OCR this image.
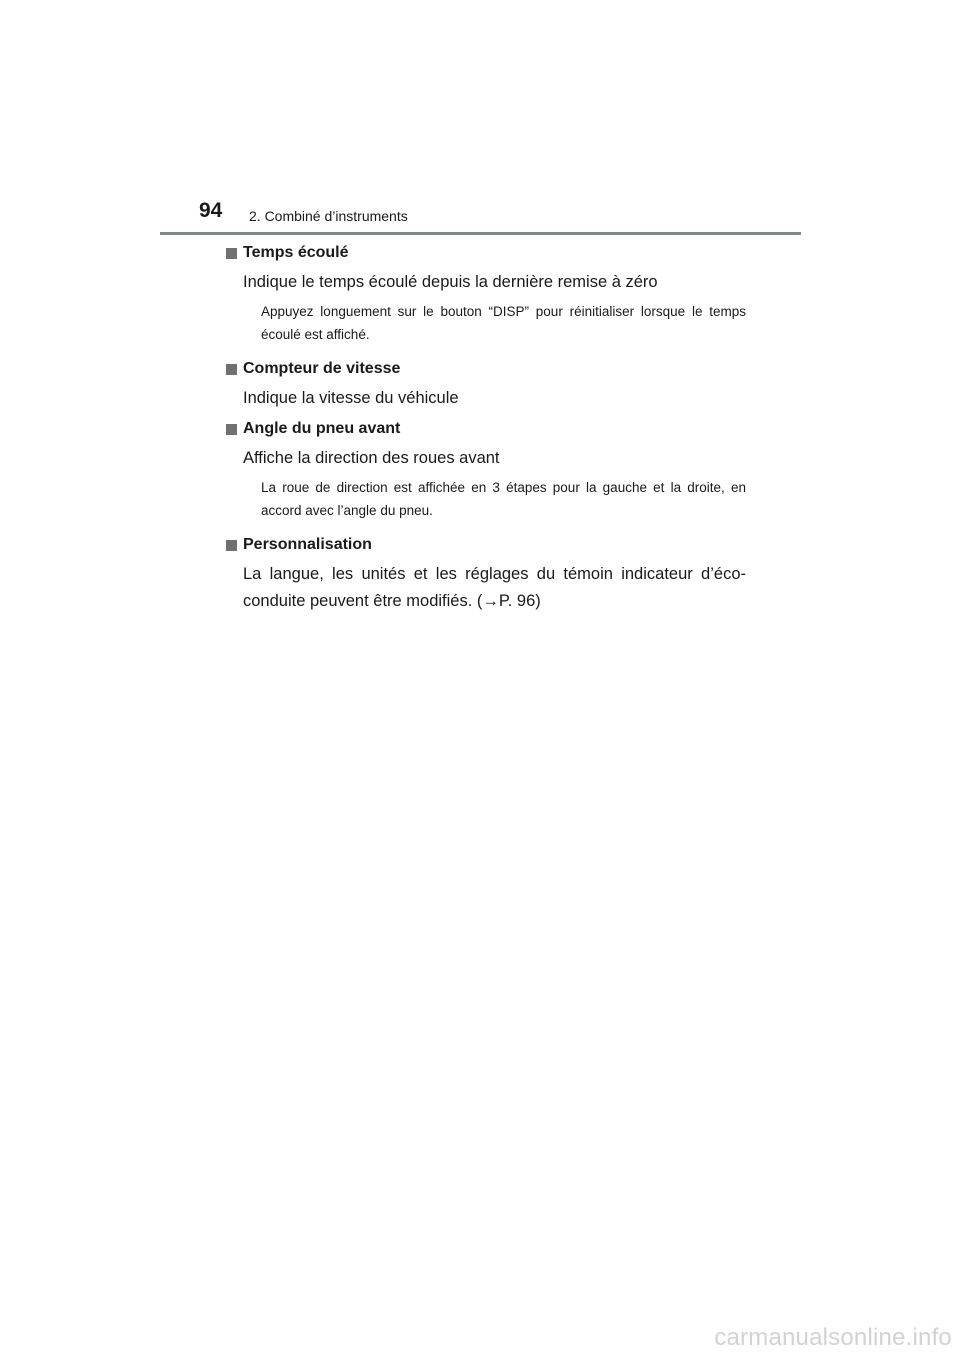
94 2. Combiné d’instruments

Temps écoulé

Indique le temps écoulé depuis la dernière remise à zéro

Appuyez longuement sur le bouton “DISP” pour réinitialiser lorsque le temps écoulé est affiché.

Compteur de vitesse

Indique la vitesse du véhicule

Angle du pneu avant

Affiche la direction des roues avant

La roue de direction est affichée en 3 étapes pour la gauche et la droite, en accord avec l’angle du pneu.

Personnalisation

La langue, les unités et les réglages du témoin indicateur d’éco-conduite peuvent être modifiés. (→P. 96)

carmanualsonline.info
